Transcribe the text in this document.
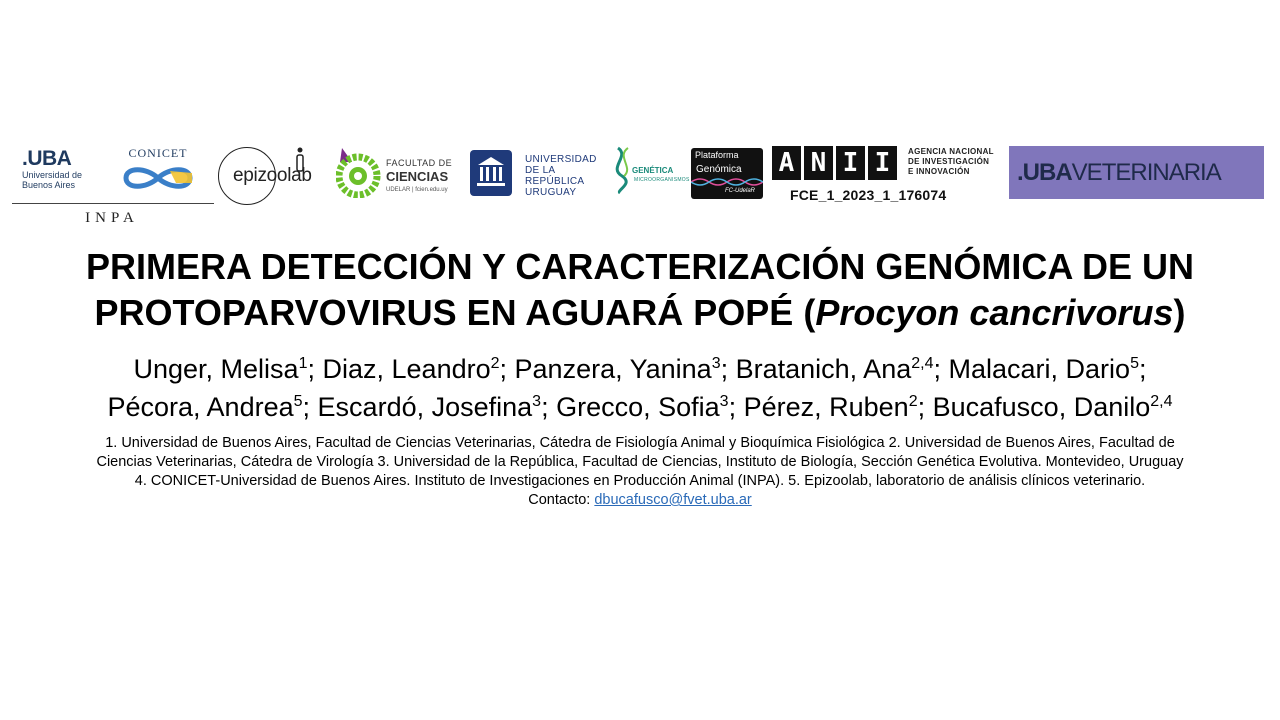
.UBA
Universidad de
Buenos Aires
CONICET
INPA
epizoolab
FACULTAD DE
CIENCIAS
UDELAR | fcien.edu.uy
UNIVERSIDAD
DE LA REPÚBLICA
URUGUAY
GENÉTICA
MICROORGANISMOS
Plataforma
Genómica
FC-UdelaR
A N I I	AGENCIA NACIONAL
DE INVESTIGACIÓN
E INNOVACIÓN
FCE_1_2023_1_176074
.UBAVETERINARIA
PRIMERA DETECCIÓN Y CARACTERIZACIÓN GENÓMICA DE UN
PROTOPARVOVIRUS EN AGUARÁ POPÉ (Procyon cancrivorus)
Unger, Melisa$^1$; Diaz, Leandro$^2$; Panzera, Yanina$^3$; Bratanich, Ana$^{2,4}$; Malacari, Dario$^5$;
Pécora, Andrea$^5$; Escardó, Josefina$^3$; Grecco, Sofia$^3$; Pérez, Ruben$^2$; Bucafusco, Danilo$^{2,4}$
1. Universidad de Buenos Aires, Facultad de Ciencias Veterinarias, Cátedra de Fisiología Animal y Bioquímica Fisiológica 2. Universidad de Buenos Aires, Facultad de
Ciencias Veterinarias, Cátedra de Virología 3. Universidad de la República, Facultad de Ciencias, Instituto de Biología, Sección Genética Evolutiva. Montevideo, Uruguay
4. CONICET-Universidad de Buenos Aires. Instituto de Investigaciones en Producción Animal (INPA). 5. Epizoolab, laboratorio de análisis clínicos veterinario.
Contacto: dbucafusco@fvet.uba.ar
